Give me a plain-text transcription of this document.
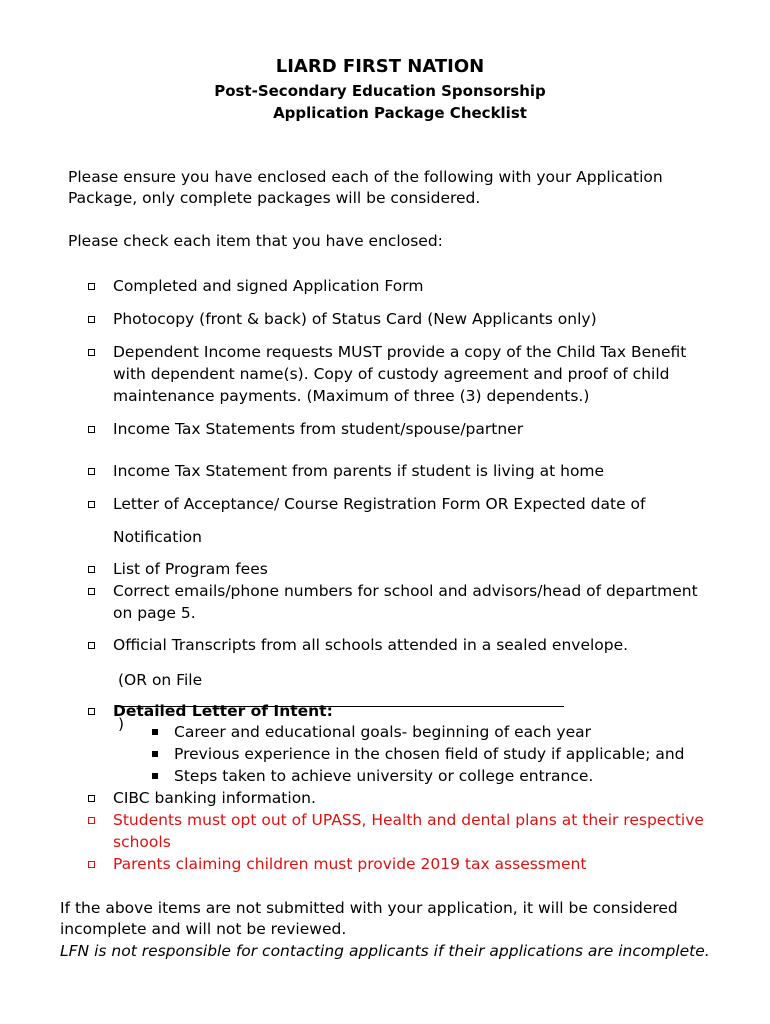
LIARD FIRST NATION
Post-Secondary Education Sponsorship
Application Package Checklist
Please ensure you have enclosed each of the following with your Application Package, only complete packages will be considered.
Please check each item that you have enclosed:
Completed and signed Application Form
Photocopy (front & back) of Status Card (New Applicants only)
Dependent Income requests MUST provide a copy of the Child Tax Benefit with dependent name(s). Copy of custody agreement and proof of child maintenance payments. (Maximum of three (3) dependents.)
Income Tax Statements from student/spouse/partner
Income Tax Statement from parents if student is living at home
Letter of Acceptance/ Course Registration Form OR Expected date of
Notification
List of Program fees
Correct emails/phone numbers for school and advisors/head of department on page 5.
Official Transcripts from all schools attended in a sealed envelope.
(OR on File)
Detailed Letter of Intent:
Career and educational goals- beginning of each year
Previous experience in the chosen field of study if applicable; and
Steps taken to achieve university or college entrance.
CIBC banking information.
Students must opt out of UPASS, Health and dental plans at their respective schools
Parents claiming children must provide 2019 tax assessment
If the above items are not submitted with your application, it will be considered incomplete and will not be reviewed.
LFN is not responsible for contacting applicants if their applications are incomplete.
